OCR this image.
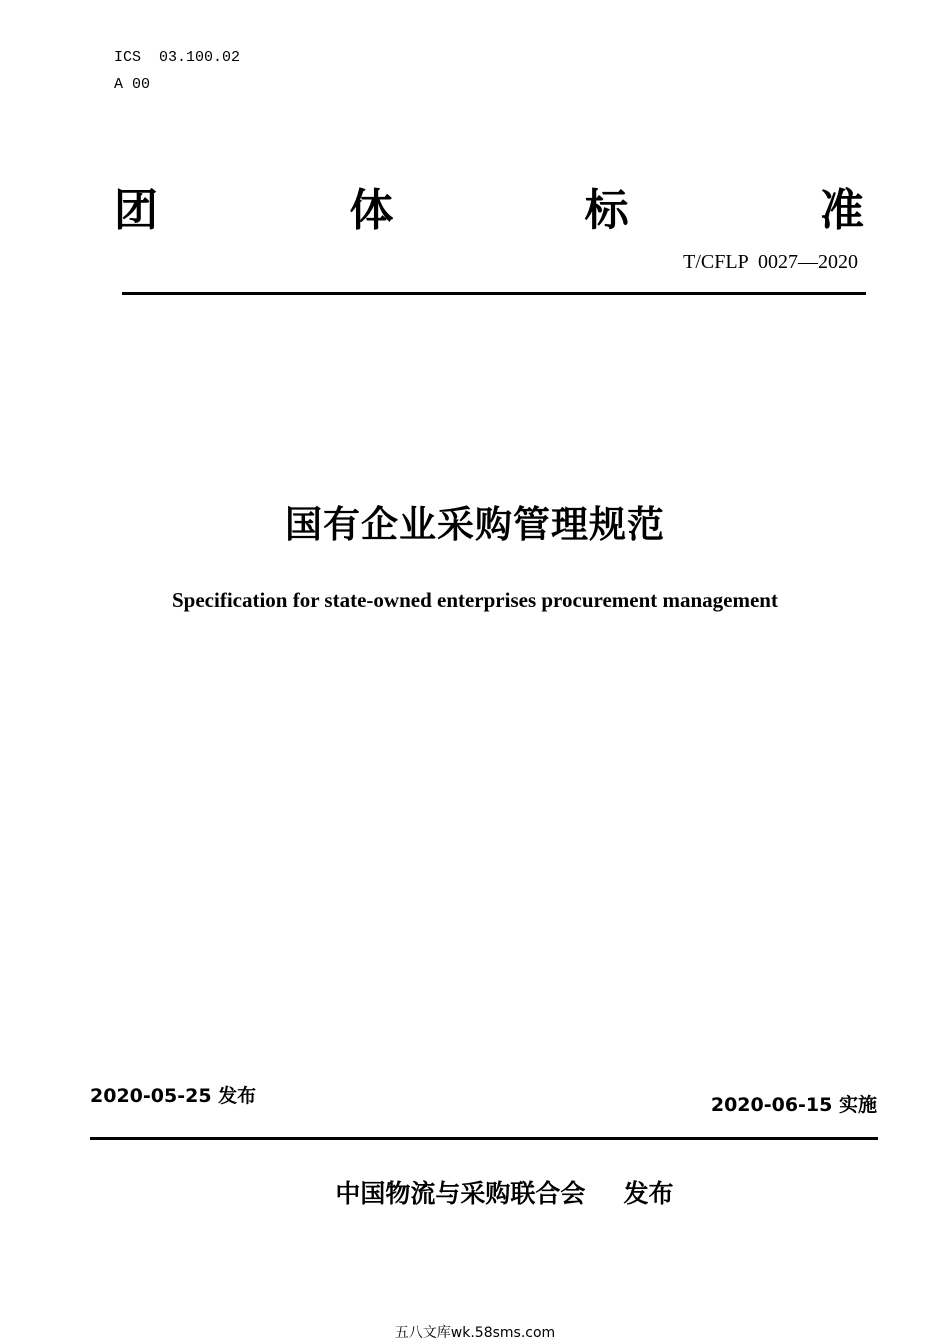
ICS  03.100.02
A 00
团	体	标	准
T/CFLP  0027—2020
国有企业采购管理规范
Specification for state-owned enterprises procurement management
2020-05-25 发布	2020-06-15 实施

中国物流与采购联合会 发布

五八文库wk.58sms.com
